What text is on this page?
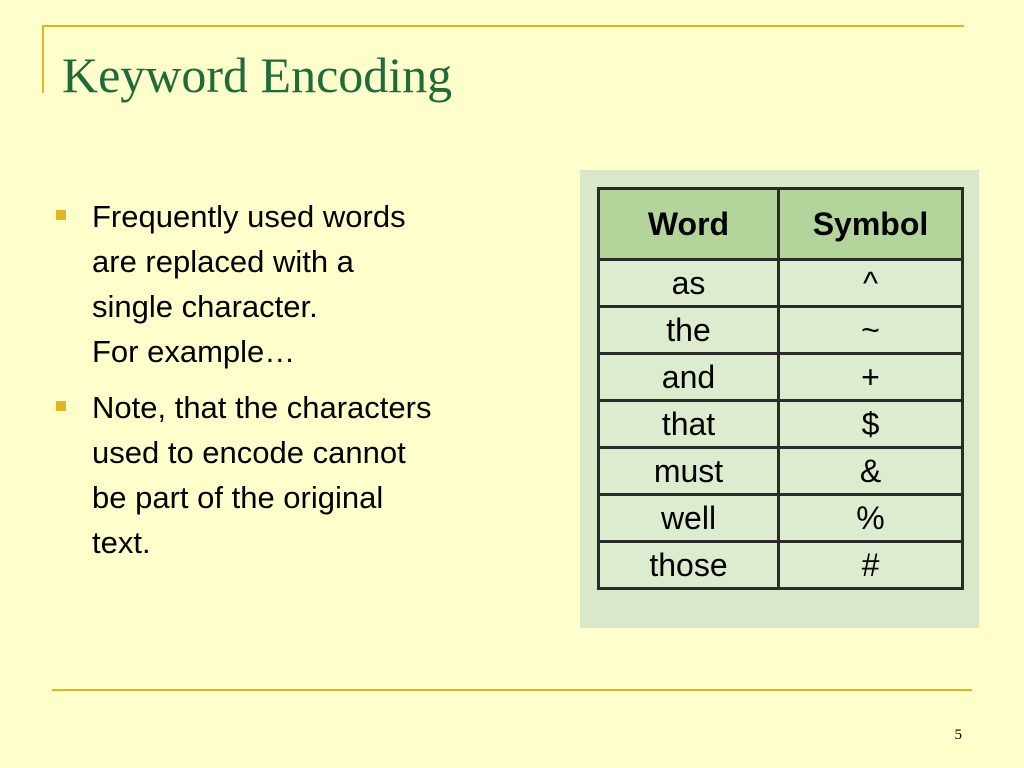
Keyword Encoding
Frequently used words
are replaced with a
single character.
For example…
Note, that the characters
used to encode cannot
be part of the original
text.
Word	Symbol
as	^
the	~
and	+
that	$
must	&
well	%
those	#
5
